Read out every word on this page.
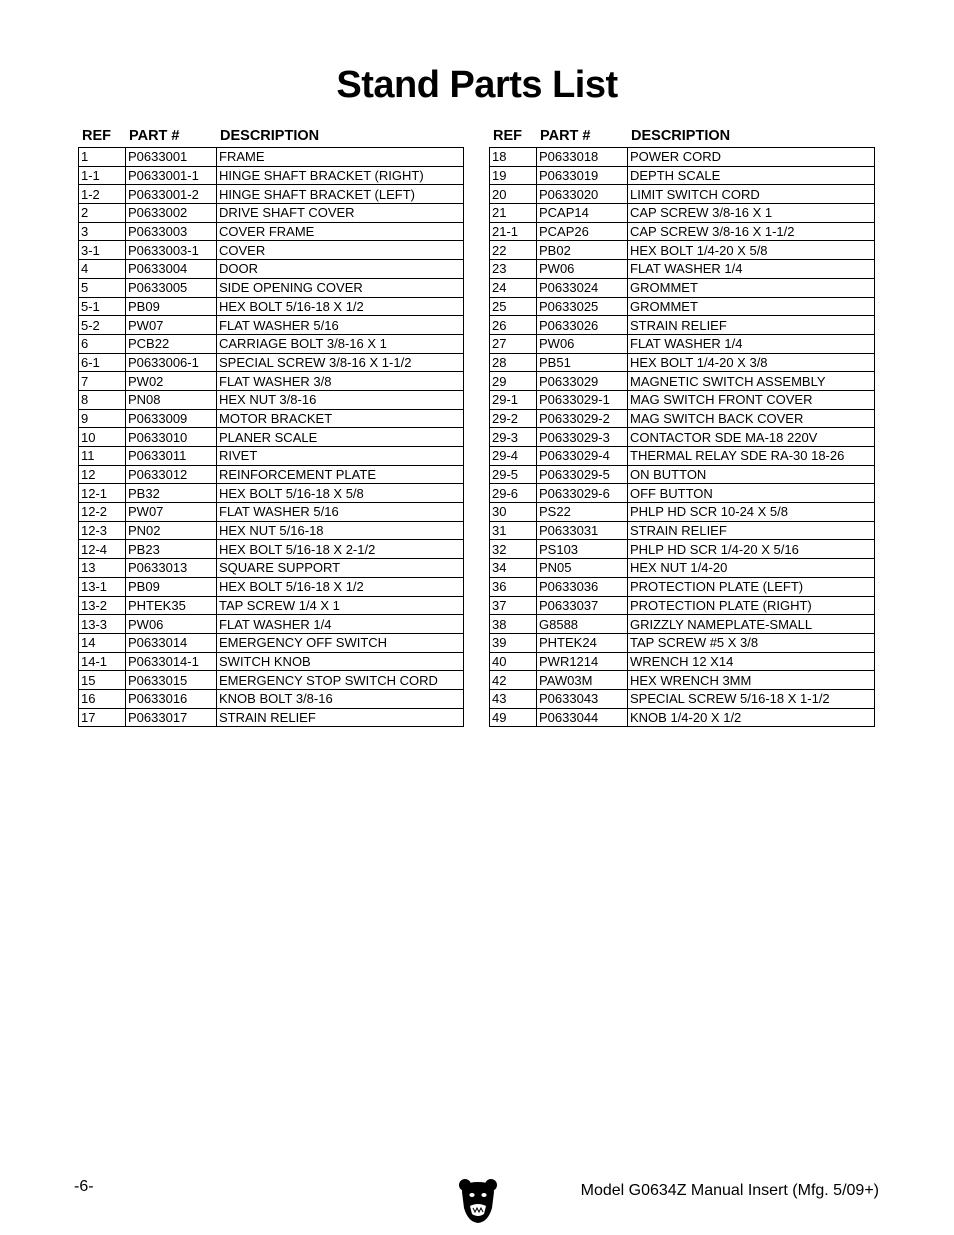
Stand Parts List
REF PART #	DESCRIPTION
1	P0633001	FRAME
1-1	P0633001-1	HINGE SHAFT BRACKET (RIGHT)
1-2	P0633001-2	HINGE SHAFT BRACKET (LEFT)
2	P0633002	DRIVE SHAFT COVER
3	P0633003	COVER FRAME
3-1	P0633003-1	COVER
4	P0633004	DOOR
5	P0633005	SIDE OPENING COVER
5-1	PB09	HEX BOLT 5/16-18 X 1/2
5-2	PW07	FLAT WASHER 5/16
6	PCB22	CARRIAGE BOLT 3/8-16 X 1
6-1	P0633006-1	SPECIAL SCREW 3/8-16 X 1-1/2
7	PW02	FLAT WASHER 3/8
8	PN08	HEX NUT 3/8-16
9	P0633009	MOTOR BRACKET
10	P0633010	PLANER SCALE
11	P0633011	RIVET
12	P0633012	REINFORCEMENT PLATE
12-1	PB32	HEX BOLT 5/16-18 X 5/8
12-2	PW07	FLAT WASHER 5/16
12-3	PN02	HEX NUT 5/16-18
12-4	PB23	HEX BOLT 5/16-18 X 2-1/2
13	P0633013	SQUARE SUPPORT
13-1	PB09	HEX BOLT 5/16-18 X 1/2
13-2	PHTEK35	TAP SCREW 1/4 X 1
13-3	PW06	FLAT WASHER 1/4
14	P0633014	EMERGENCY OFF SWITCH
14-1	P0633014-1	SWITCH KNOB
15	P0633015	EMERGENCY STOP SWITCH CORD
16	P0633016	KNOB BOLT 3/8-16
17	P0633017	STRAIN RELIEF
REF PART #	DESCRIPTION
18	P0633018	POWER CORD
19	P0633019	DEPTH SCALE
20	P0633020	LIMIT SWITCH CORD
21	PCAP14	CAP SCREW 3/8-16 X 1
21-1	PCAP26	CAP SCREW 3/8-16 X 1-1/2
22	PB02	HEX BOLT 1/4-20 X 5/8
23	PW06	FLAT WASHER 1/4
24	P0633024	GROMMET
25	P0633025	GROMMET
26	P0633026	STRAIN RELIEF
27	PW06	FLAT WASHER 1/4
28	PB51	HEX BOLT 1/4-20 X 3/8
29	P0633029	MAGNETIC SWITCH ASSEMBLY
29-1	P0633029-1	MAG SWITCH FRONT COVER
29-2	P0633029-2	MAG SWITCH BACK COVER
29-3	P0633029-3	CONTACTOR SDE MA-18 220V
29-4	P0633029-4	THERMAL RELAY SDE RA-30 18-26
29-5	P0633029-5	ON BUTTON
29-6	P0633029-6	OFF BUTTON
30	PS22	PHLP HD SCR 10-24 X 5/8
31	P0633031	STRAIN RELIEF
32	PS103	PHLP HD SCR 1/4-20 X 5/16
34	PN05	HEX NUT 1/4-20
36	P0633036	PROTECTION PLATE (LEFT)
37	P0633037	PROTECTION PLATE (RIGHT)
38	G8588	GRIZZLY NAMEPLATE-SMALL
39	PHTEK24	TAP SCREW #5 X 3/8
40	PWR1214	WRENCH 12 X14
42	PAW03M	HEX WRENCH 3MM
43	P0633043	SPECIAL SCREW 5/16-18 X 1-1/2
49	P0633044	KNOB 1/4-20 X 1/2
-6-	Model G0634Z Manual Insert (Mfg. 5/09+)
